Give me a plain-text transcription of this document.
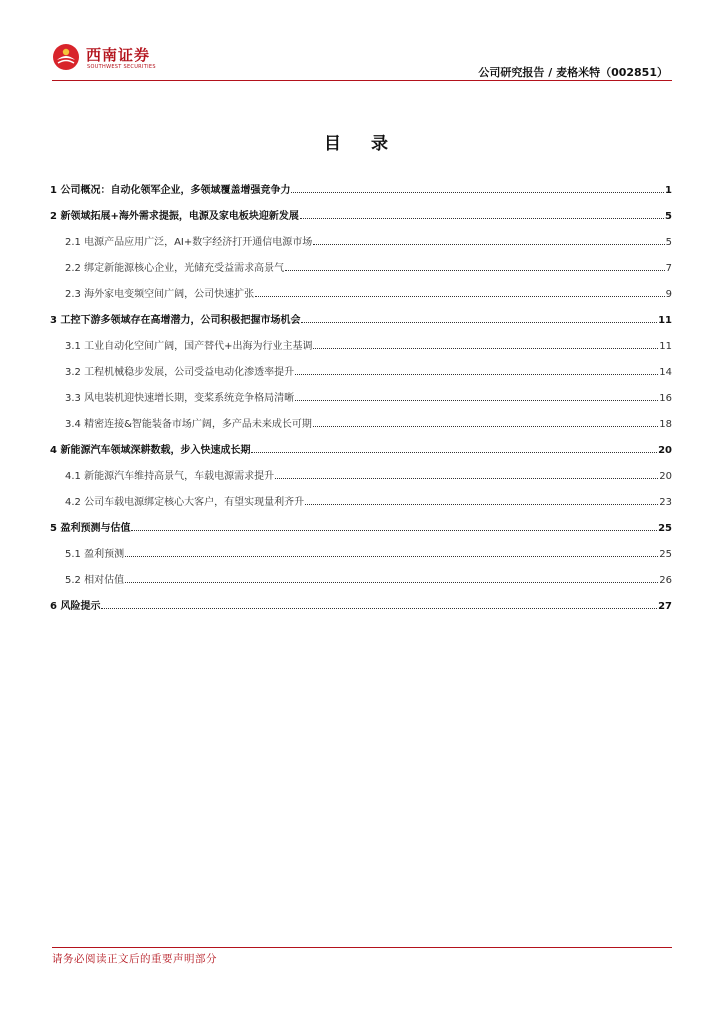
西南证券
SOUTHWEST SECURITIES	公司研究报告 / 麦格米特（002851）
目 录
1 公司概况：自动化领军企业，多领域覆盖增强竞争力	1
2 新领域拓展+海外需求提振，电源及家电板块迎新发展	5
2.1 电源产品应用广泛，AI+数字经济打开通信电源市场	5
2.2 绑定新能源核心企业，光储充受益需求高景气	7
2.3 海外家电变频空间广阔，公司快速扩张	9
3 工控下游多领域存在高增潜力，公司积极把握市场机会	11
3.1 工业自动化空间广阔，国产替代+出海为行业主基调	11
3.2 工程机械稳步发展，公司受益电动化渗透率提升	14
3.3 风电装机迎快速增长期，变桨系统竞争格局清晰	16
3.4 精密连接&智能装备市场广阔，多产品未来成长可期	18
4 新能源汽车领域深耕数载，步入快速成长期	20
4.1 新能源汽车维持高景气，车载电源需求提升	20
4.2 公司车载电源绑定核心大客户，有望实现量利齐升	23
5 盈利预测与估值	25
5.1 盈利预测	25
5.2 相对估值	26
6 风险提示	27
请务必阅读正文后的重要声明部分
